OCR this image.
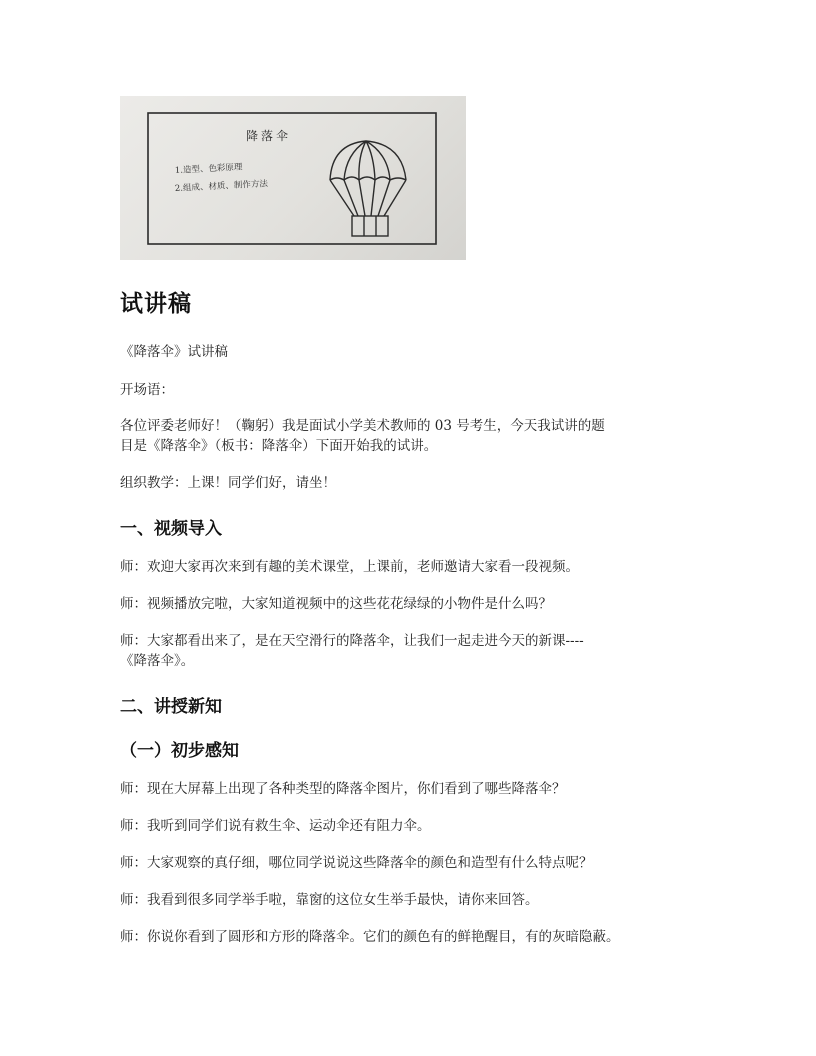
降落伞
1.造型、色彩原理
2.组成、材质、制作方法
试讲稿

《降落伞》试讲稿

开场语：

各位评委老师好！（鞠躬）我是面试小学美术教师的 03 号考生，今天我试讲的题

目是《降落伞》（板书：降落伞）下面开始我的试讲。

组织教学：上课！同学们好，请坐！

一、视频导入

师：欢迎大家再次来到有趣的美术课堂，上课前，老师邀请大家看一段视频。

师：视频播放完啦，大家知道视频中的这些花花绿绿的小物件是什么吗？

师：大家都看出来了，是在天空滑行的降落伞，让我们一起走进今天的新课----

《降落伞》。

二、讲授新知
（一）初步感知

师：现在大屏幕上出现了各种类型的降落伞图片，你们看到了哪些降落伞？

师：我听到同学们说有救生伞、运动伞还有阻力伞。

师：大家观察的真仔细，哪位同学说说这些降落伞的颜色和造型有什么特点呢？

师：我看到很多同学举手啦，靠窗的这位女生举手最快，请你来回答。

师：你说你看到了圆形和方形的降落伞。它们的颜色有的鲜艳醒目，有的灰暗隐蔽。
